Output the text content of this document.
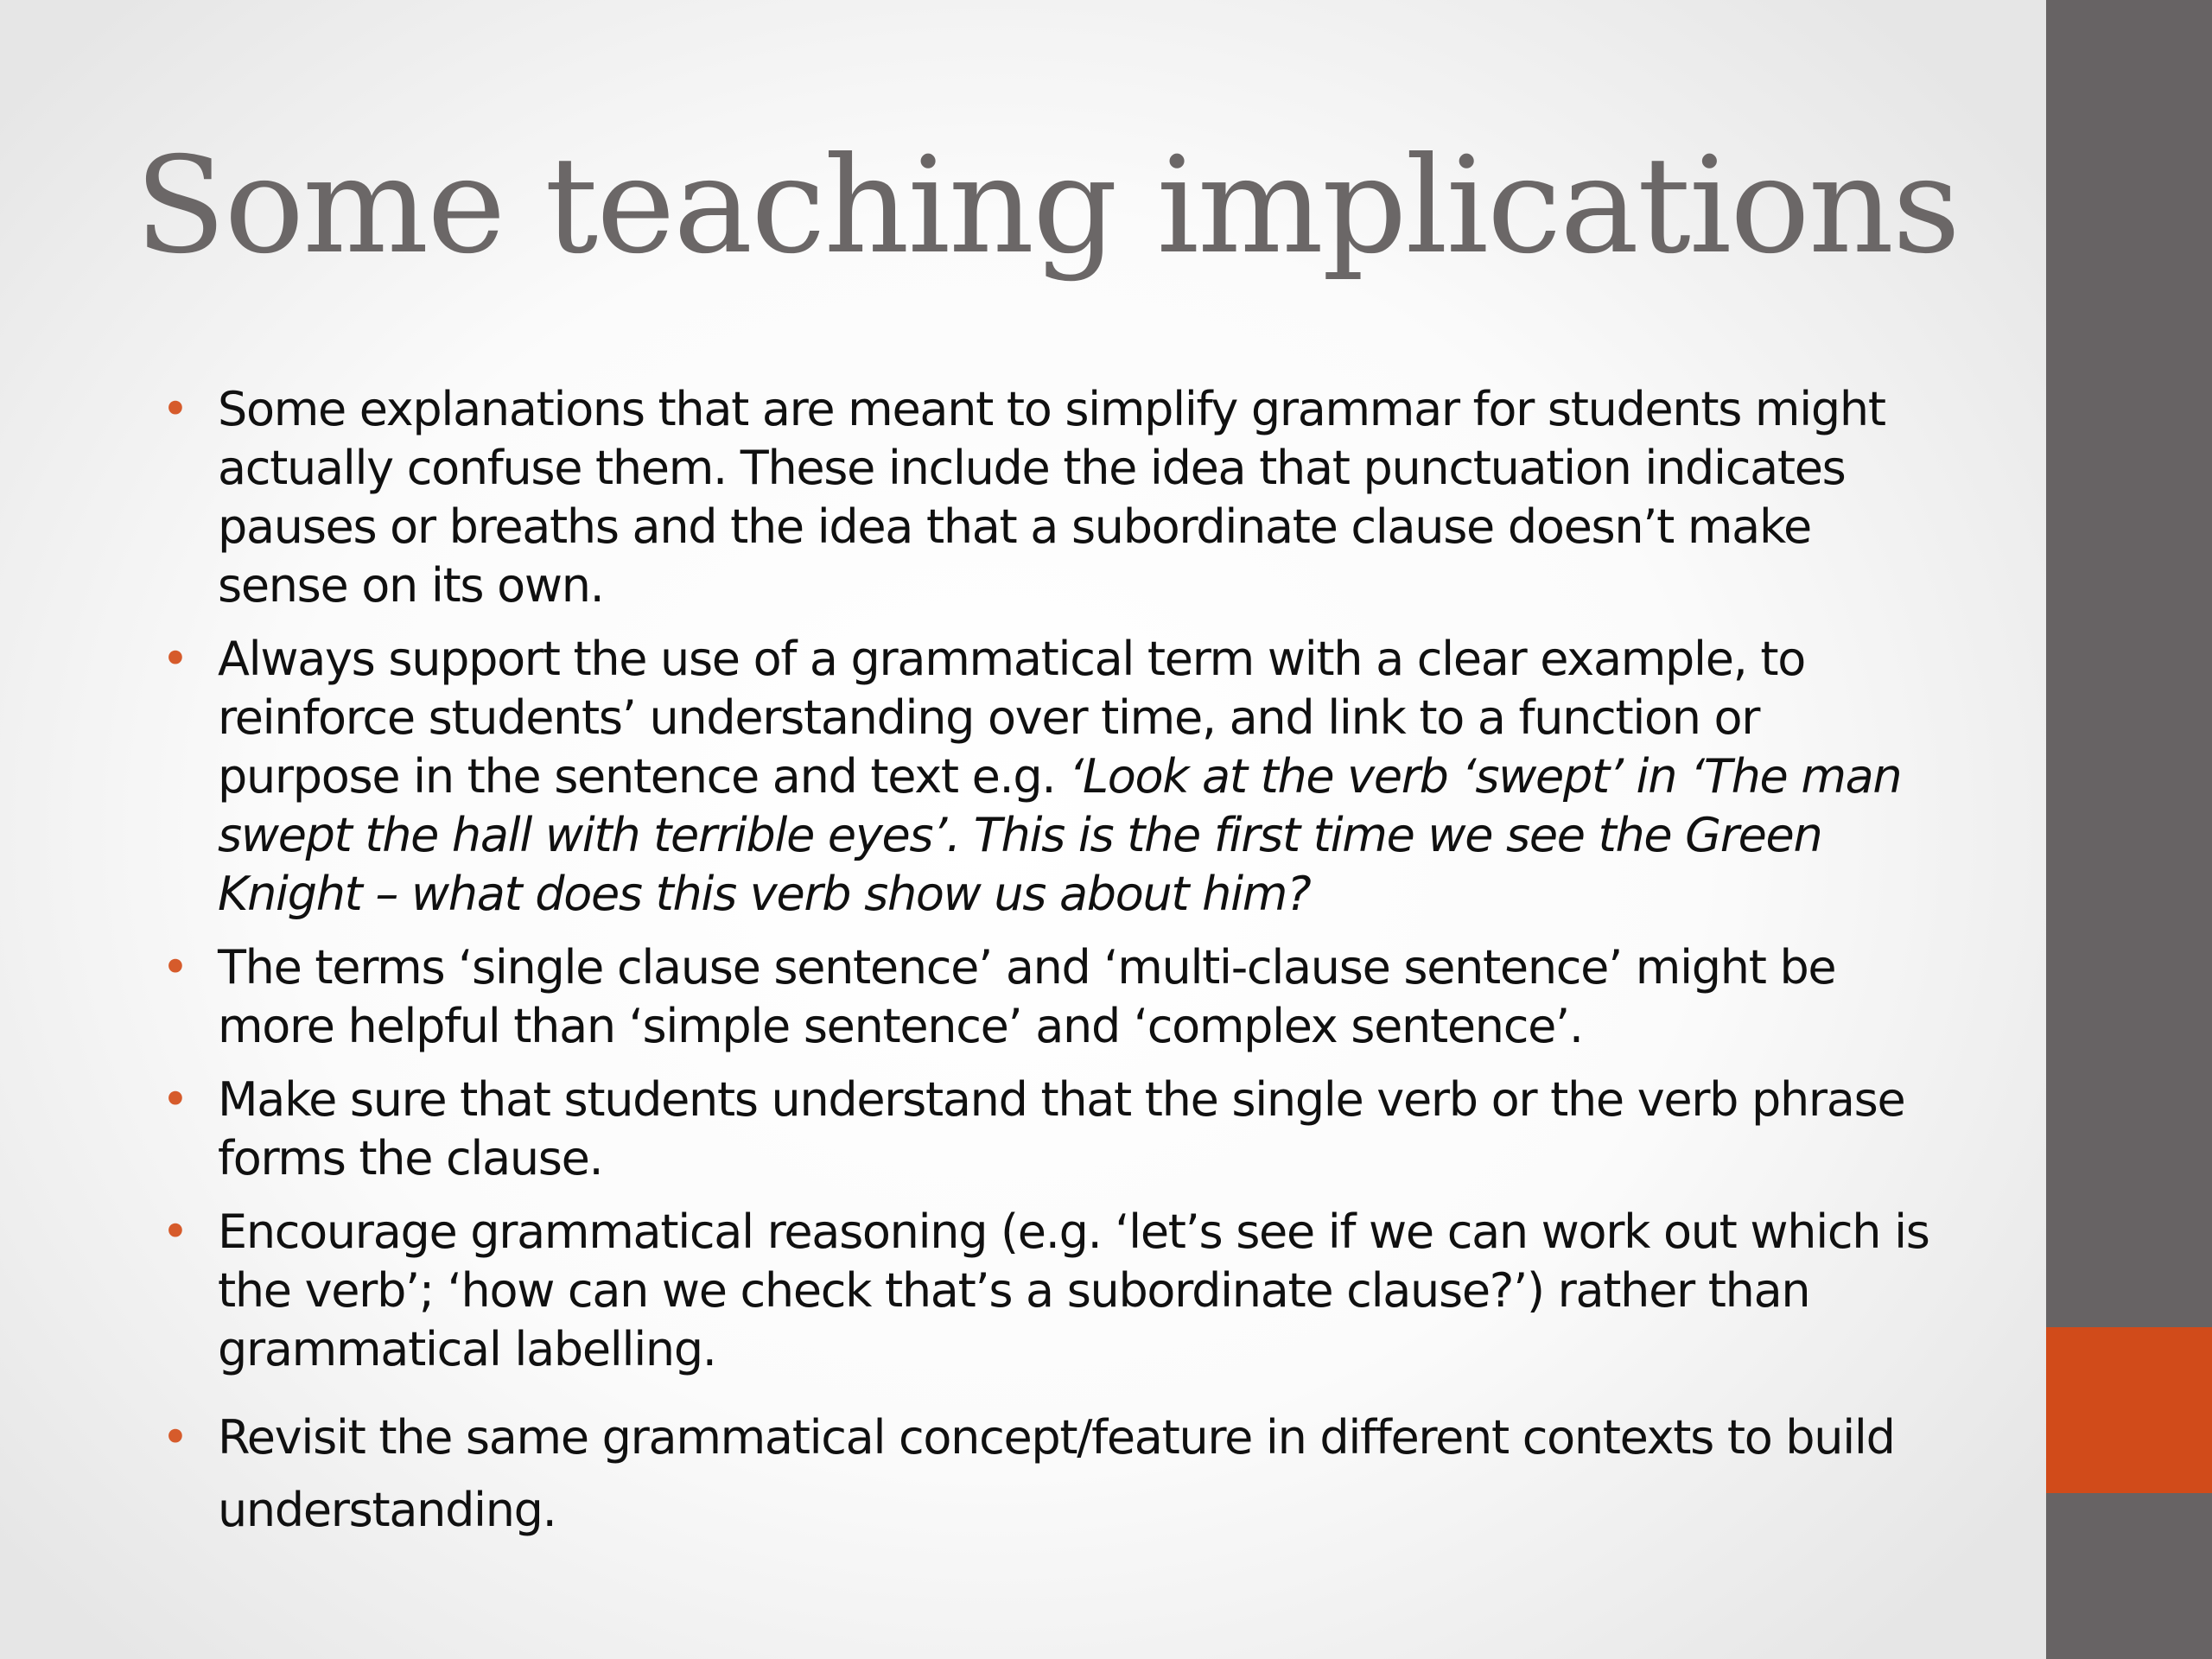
Some teaching implications
• Some explanations that are meant to simplify grammar for students might actually confuse them. These include the idea that punctuation indicates pauses or breaths and the idea that a subordinate clause doesn’t make sense on its own.
• Always support the use of a grammatical term with a clear example, to reinforce students’ understanding over time, and link to a function or purpose in the sentence and text e.g. ‘Look at the verb ‘swept’ in ‘The man swept the hall with terrible eyes’. This is the first time we see the Green Knight – what does this verb show us about him?
• The terms ‘single clause sentence’ and ‘multi-clause sentence’ might be more helpful than ‘simple sentence’ and ‘complex sentence’.
• Make sure that students understand that the single verb or the verb phrase forms the clause.
• Encourage grammatical reasoning (e.g. ‘let’s see if we can work out which is the verb’; ‘how can we check that’s a subordinate clause?’) rather than grammatical labelling.
• Revisit the same grammatical concept/feature in different contexts to build understanding.
